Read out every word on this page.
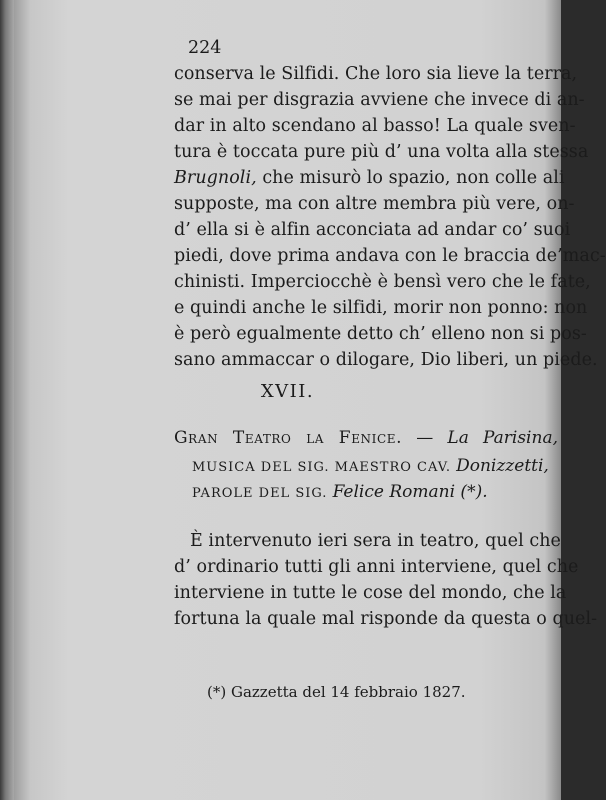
224

conserva le Silfidi. Che loro sia lieve la terra,

se mai per disgrazia avviene che invece di an-

dar in alto scendano al basso! La quale sven-

tura è toccata pure più d’ una volta alla stessa

Brugnoli, che misurò lo spazio, non colle ali

supposte, ma con altre membra più vere, on-

d’ ella si è alfin acconciata ad andar co’ suoi

piedi, dove prima andava con le braccia de’mac-

chinisti. Imperciocchè è bensì vero che le fate,

e quindi anche le silfidi, morir non ponno: non

è però egualmente detto ch’ elleno non si pos-

sano ammaccar o dilogare, Dio liberi, un piede.

XVII.
Gran Teatro la Fenice. — La Parisina,
MUSICA DEL SIG. MAESTRO CAV. Donizzetti,
PAROLE DEL SIG. Felice Romani (*).

È intervenuto ieri sera in teatro, quel che

d’ ordinario tutti gli anni interviene, quel che

interviene in tutte le cose del mondo, che la

fortuna la quale mal risponde da questa o quel-

(*) Gazzetta del 14 febbraio 1827.
